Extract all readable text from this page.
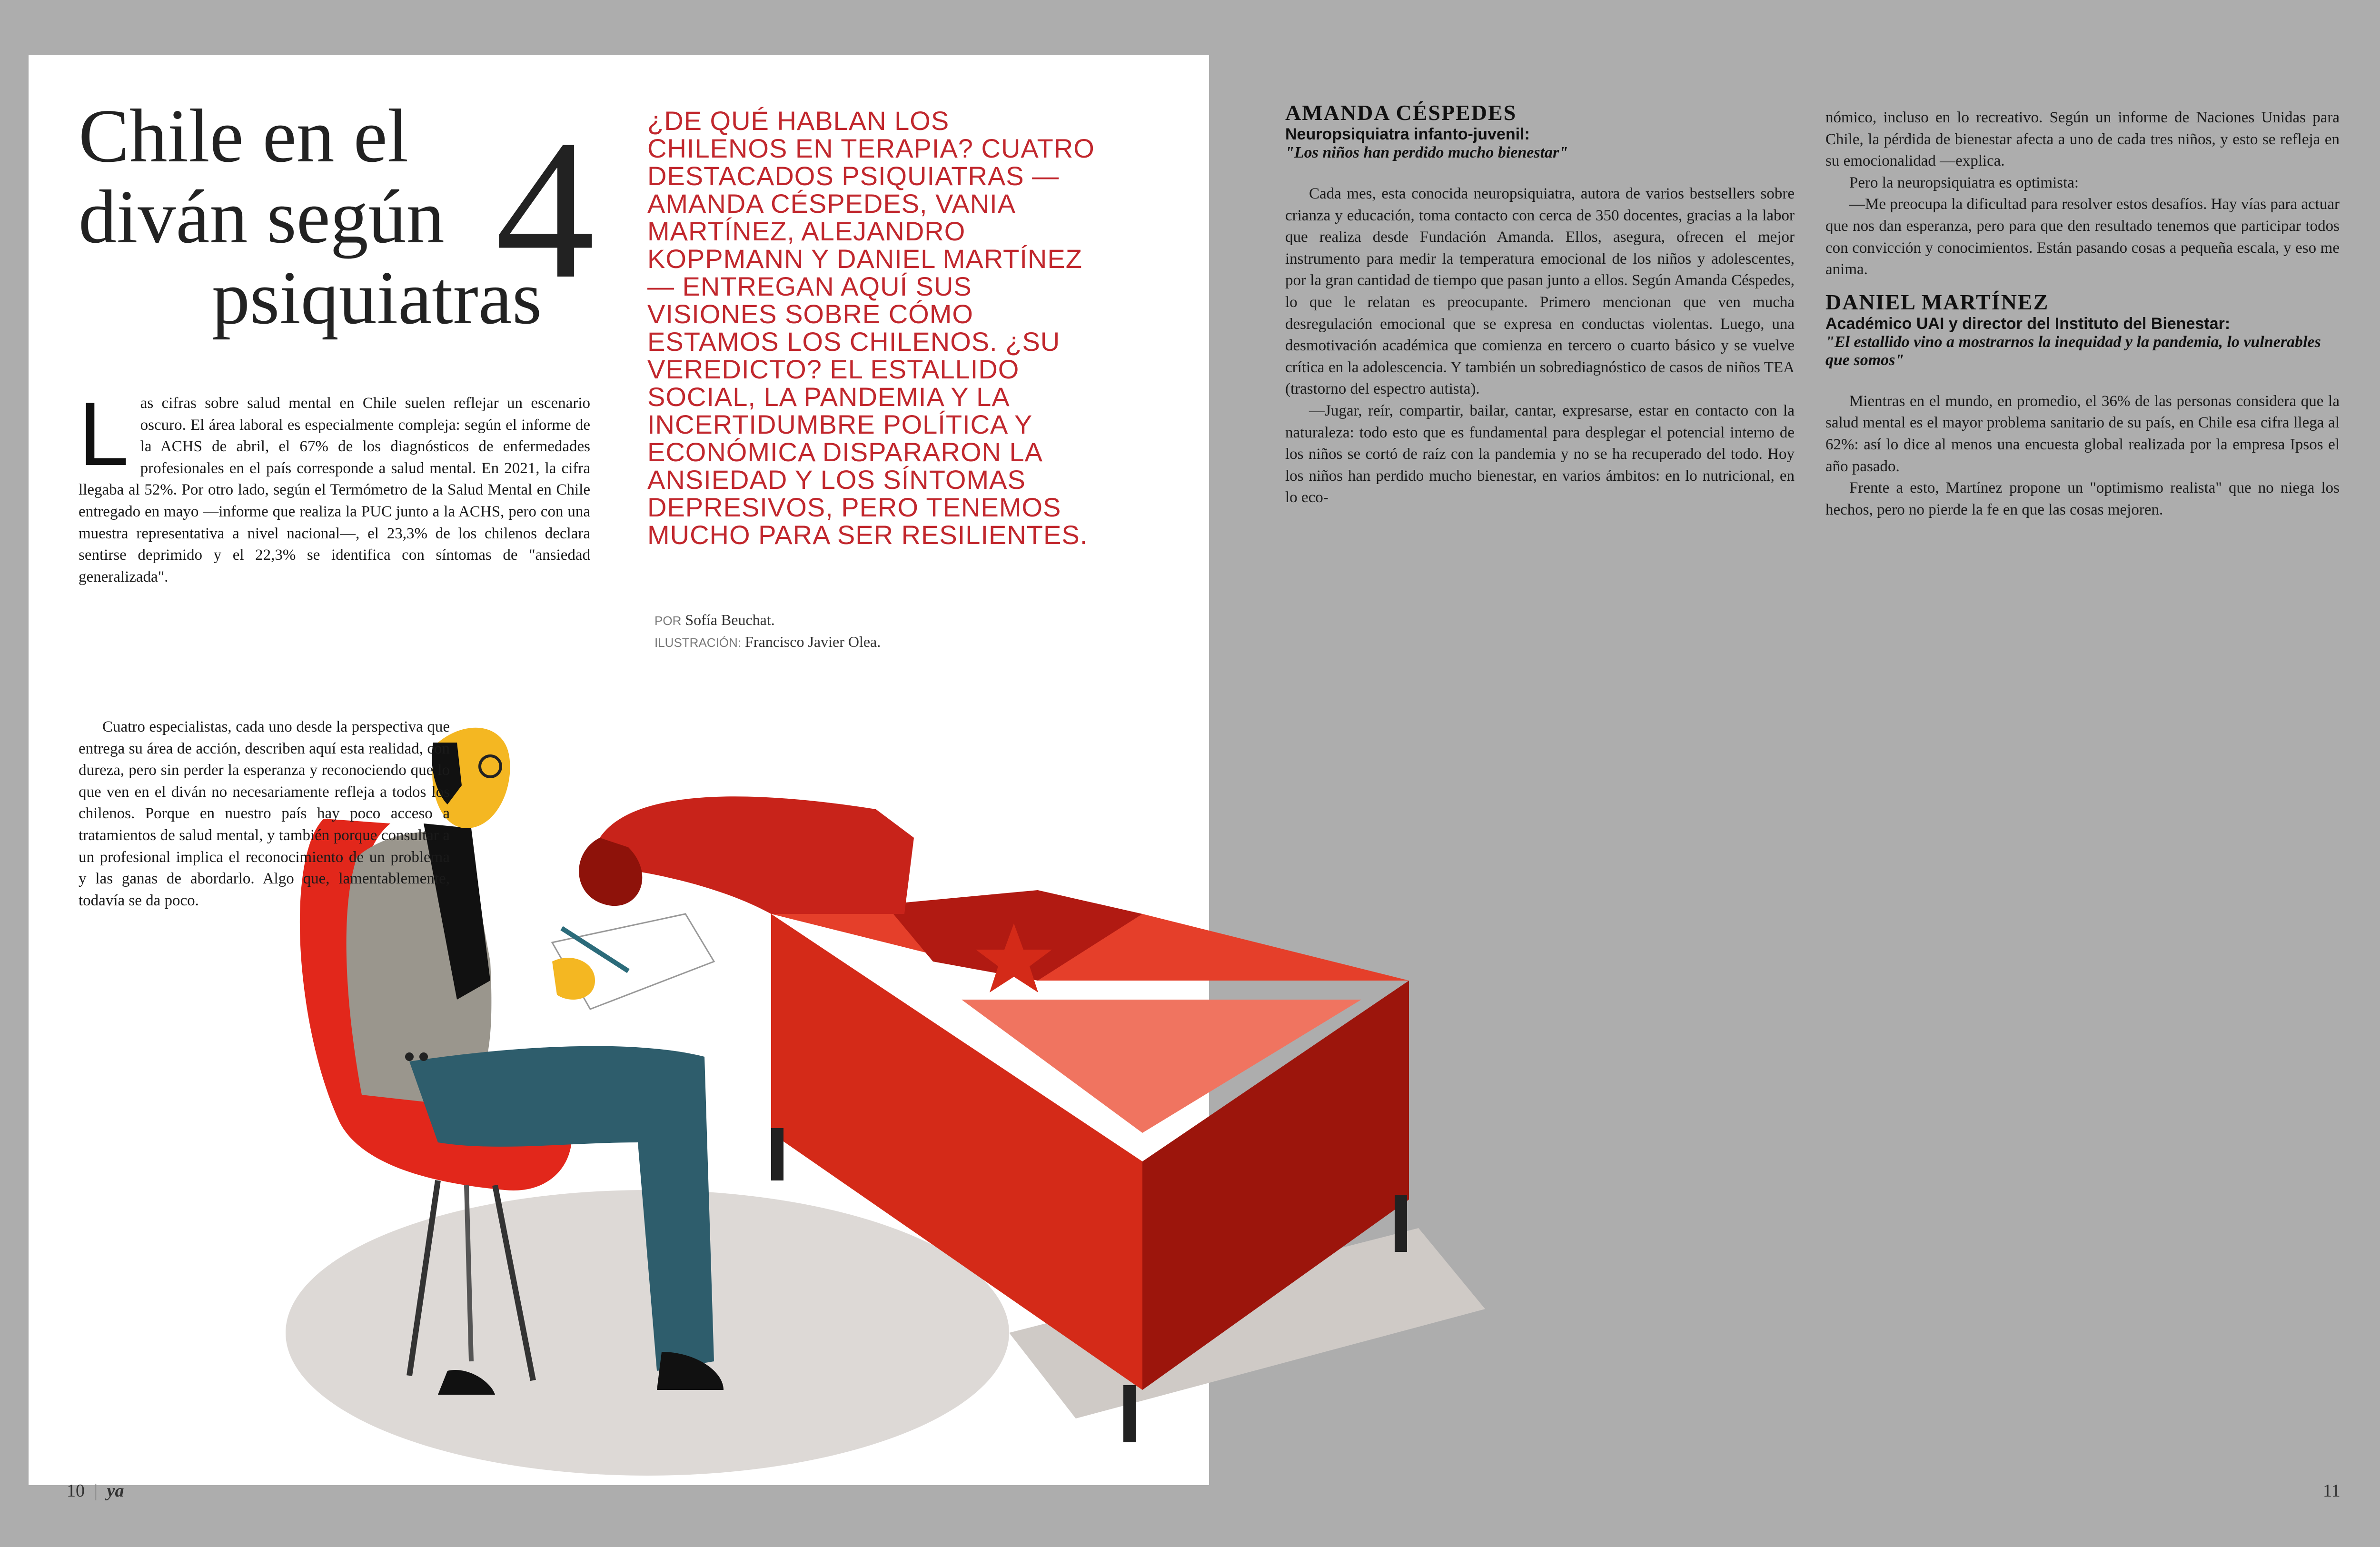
Chile en el
diván según
psiquiatras
4	¿DE QUÉ HABLAN LOS CHILENOS EN TERAPIA? CUATRO DESTACADOS PSIQUIATRAS —AMANDA CÉSPEDES, VANIA MARTÍNEZ, ALEJANDRO KOPPMANN Y DANIEL MARTÍNEZ— ENTREGAN AQUÍ SUS VISIONES SOBRE CÓMO ESTAMOS LOS CHILENOS. ¿SU VEREDICTO? EL ESTALLIDO SOCIAL, LA PANDEMIA Y LA INCERTIDUMBRE POLÍTICA Y ECONÓMICA DISPARARON LA ANSIEDAD Y LOS SÍNTOMAS DEPRESIVOS, PERO TENEMOS MUCHO PARA SER RESILIENTES.
POR Sofía Beuchat.
ILUSTRACIÓN: Francisco Javier Olea.
L as cifras sobre salud mental en Chile suelen reflejar un escenario oscuro. El área laboral es especialmente compleja: según el informe de la ACHS de abril, el 67% de los diagnósticos de enfermedades profesionales en el país corresponde a salud mental. En 2021, la cifra llegaba al 52%. Por otro lado, según el Termómetro de la Salud Mental en Chile entregado en mayo —informe que realiza la PUC junto a la ACHS, pero con una muestra representativa a nivel nacional—, el 23,3% de los chilenos declara sentirse deprimido y el 22,3% se identifica con síntomas de "ansiedad generalizada".

Cuatro especialistas, cada uno desde la perspectiva que entrega su área de acción, describen aquí esta realidad, con dureza, pero sin perder la esperanza y reconociendo que lo que ven en el diván no necesariamente refleja a todos los chilenos. Porque en nuestro país hay poco acceso a tratamientos de salud mental, y también porque consultar a un profesional implica el reconocimiento de un problema y las ganas de abordarlo. Algo que, lamentablemente, todavía se da poco.

10 | ya
AMANDA CÉSPEDES
Neuropsiquiatra infanto-juvenil:
"Los niños han perdido mucho bienestar"

Cada mes, esta conocida neuropsiquiatra, autora de varios bestsellers sobre crianza y educación, toma contacto con cerca de 350 docentes, gracias a la labor que realiza desde Fundación Amanda. Ellos, asegura, ofrecen el mejor instrumento para medir la temperatura emocional de los niños y adolescentes, por la gran cantidad de tiempo que pasan junto a ellos. Según Amanda Céspedes, lo que le relatan es preocupante. Primero mencionan que ven mucha desregulación emocional que se expresa en conductas violentas. Luego, una desmotivación académica que comienza en tercero o cuarto básico y se vuelve crítica en la adolescencia. Y también un sobrediagnóstico de casos de niños TEA (trastorno del espectro autista).

—Jugar, reír, compartir, bailar, cantar, expresarse, estar en contacto con la naturaleza: todo esto que es fundamental para desplegar el potencial interno de los niños se cortó de raíz con la pandemia y no se ha recuperado del todo. Hoy los niños han perdido mucho bienestar, en varios ámbitos: en lo nutricional, en lo eco-

nómico, incluso en lo recreativo. Según un informe de Naciones Unidas para Chile, la pérdida de bienestar afecta a uno de cada tres niños, y esto se refleja en su emocionalidad —explica.

Pero la neuropsiquiatra es optimista:

—Me preocupa la dificultad para resolver estos desafíos. Hay vías para actuar que nos dan esperanza, pero para que den resultado tenemos que participar todos con convicción y conocimientos. Están pasando cosas a pequeña escala, y eso me anima.

DANIEL MARTÍNEZ
Académico UAI y director del Instituto del Bienestar:
"El estallido vino a mostrarnos la inequidad y la pandemia, lo vulnerables que somos"

Mientras en el mundo, en promedio, el 36% de las personas considera que la salud mental es el mayor problema sanitario de su país, en Chile esa cifra llega al 62%: así lo dice al menos una encuesta global realizada por la empresa Ipsos el año pasado.

Frente a esto, Martínez propone un "optimismo realista" que no niega los hechos, pero no pierde la fe en que las cosas mejoren.

11
